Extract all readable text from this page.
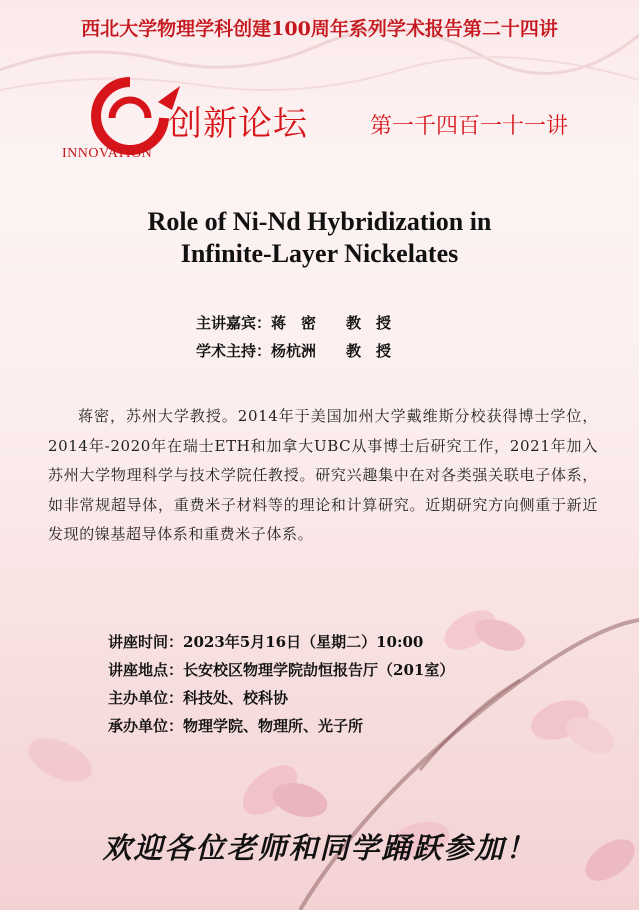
西北大学物理学科创建100周年系列学术报告第二十四讲
INNOVATION
创新论坛	第一千四百一十一讲
Role of Ni-Nd Hybridization in
Infinite-Layer Nickelates
主讲嘉宾：蒋　密　　 教　授
学术主持：杨杭洲　　 教　授
蒋密，苏州大学教授。2014年于美国加州大学戴维斯分校获得博士学位，2014年-2020年在瑞士ETH和加拿大UBC从事博士后研究工作，2021年加入苏州大学物理科学与技术学院任教授。研究兴趣集中在对各类强关联电子体系，如非常规超导体，重费米子材料等的理论和计算研究。近期研究方向侧重于新近发现的镍基超导体系和重费米子体系。
讲座时间：2023年5月16日（星期二）10:00
讲座地点：长安校区物理学院劼恒报告厅（201室）
主办单位：科技处、校科协
承办单位：物理学院、物理所、光子所
欢迎各位老师和同学踊跃参加！
